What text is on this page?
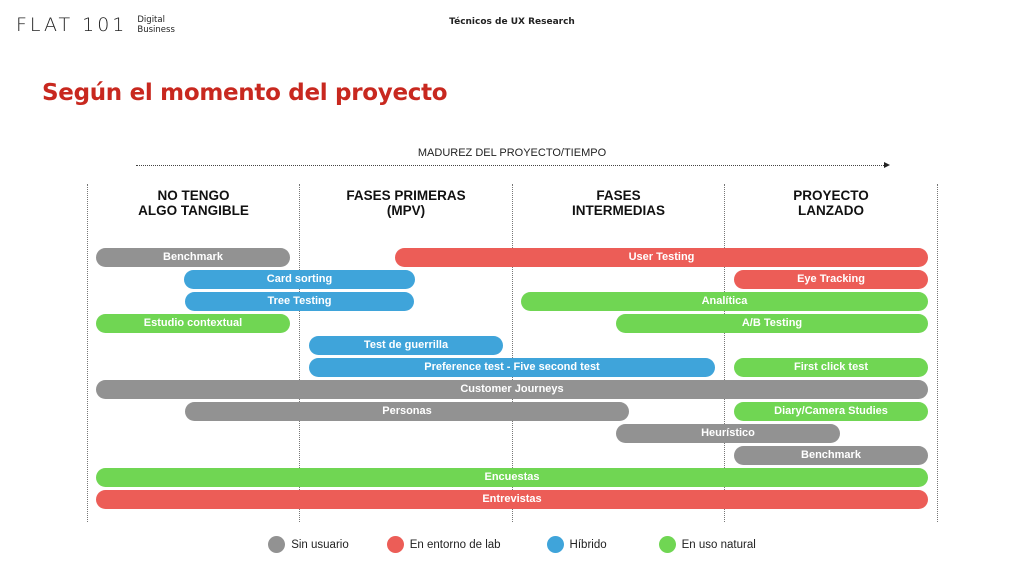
FLAT 101 Digital
Business
Técnicos de UX Research
Según el momento del proyecto
MADUREZ DEL PROYECTO/TIEMPO
NO TENGO
ALGO TANGIBLE
FASES PRIMERAS
(MPV)
FASES
INTERMEDIAS
PROYECTO
LANZADO
Benchmark	User Testing
Card sorting	Eye Tracking
Tree Testing	Analítica
Estudio contextual	A/B Testing
Test de guerrilla
Preference test - Five second test	First click test
Customer Journeys
Personas	Diary/Camera Studies
Heurístico
Benchmark
Encuestas
Entrevistas
Sin usuario	En entorno de lab	Híbrido	En uso natural
